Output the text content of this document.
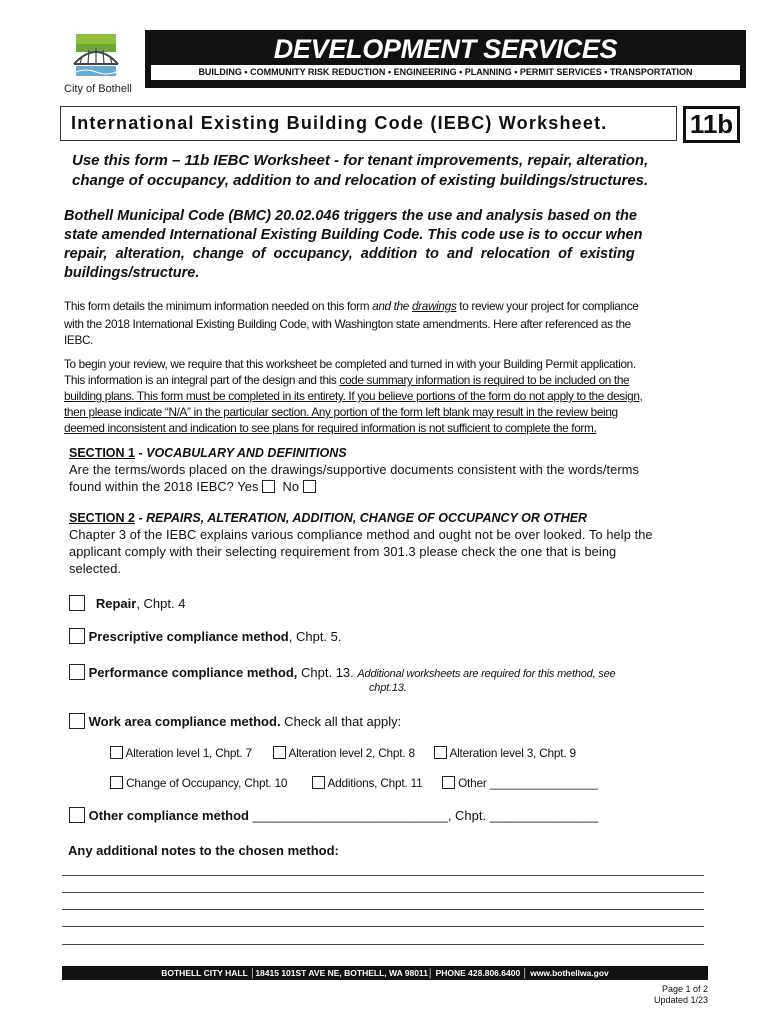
City of Bothell
DEVELOPMENT SERVICES
BUILDING • COMMUNITY RISK REDUCTION • ENGINEERING • PLANNING • PERMIT SERVICES • TRANSPORTATION
International Existing Building Code (IEBC) Worksheet.	11b
Use this form – 11b IEBC Worksheet - for tenant improvements, repair, alteration,
change of occupancy, addition to and relocation of existing buildings/structures.
Bothell Municipal Code (BMC) 20.02.046 triggers the use and analysis based on the
state amended International Existing Building Code. This code use is to occur when
repair,  alteration,  change  of  occupancy,  addition  to  and  relocation  of  existing
buildings/structure.
This form details the minimum information needed on this form and the drawings to review your project for compliance
with the 2018 International Existing Building Code, with Washington state amendments. Here after referenced as the
IEBC.
To begin your review, we require that this worksheet be completed and turned in with your Building Permit application.
This information is an integral part of the design and this code summary information is required to be included on the
building plans. This form must be completed in its entirety. If you believe portions of the form do not apply to the design,
then please indicate “N/A” in the particular section. Any portion of the form left blank may result in the review being
deemed inconsistent and indication to see plans for required information is not sufficient to complete the form.
SECTION 1 - VOCABULARY AND DEFINITIONS
Are the terms/words placed on the drawings/supportive documents consistent with the words/terms
found within the 2018 IEBC? Yes No
SECTION 2 - REPAIRS, ALTERATION, ADDITION, CHANGE OF OCCUPANCY OR OTHER
Chapter 3 of the IEBC explains various compliance method and ought not be over looked. To help the
applicant comply with their selecting requirement from 301.3 please check the one that is being
selected.
Repair, Chpt. 4
Prescriptive compliance method, Chpt. 5.
Performance compliance method, Chpt. 13. Additional worksheets are required for this method, see
chpt.13.
Work area compliance method. Check all that apply:
Alteration level 1, Chpt. 7	Alteration level 2, Chpt. 8	Alteration level 3, Chpt. 9
Change of Occupancy, Chpt. 10	Additions, Chpt. 11	Other _________________
Other compliance method ___________________________, Chpt. _______________
Any additional notes to the chosen method:
BOTHELL CITY HALL │18415 101ST AVE NE, BOTHELL, WA 98011│ PHONE 428.806.6400 │ www.bothellwa.gov
Page 1 of 2
Updated 1/23
